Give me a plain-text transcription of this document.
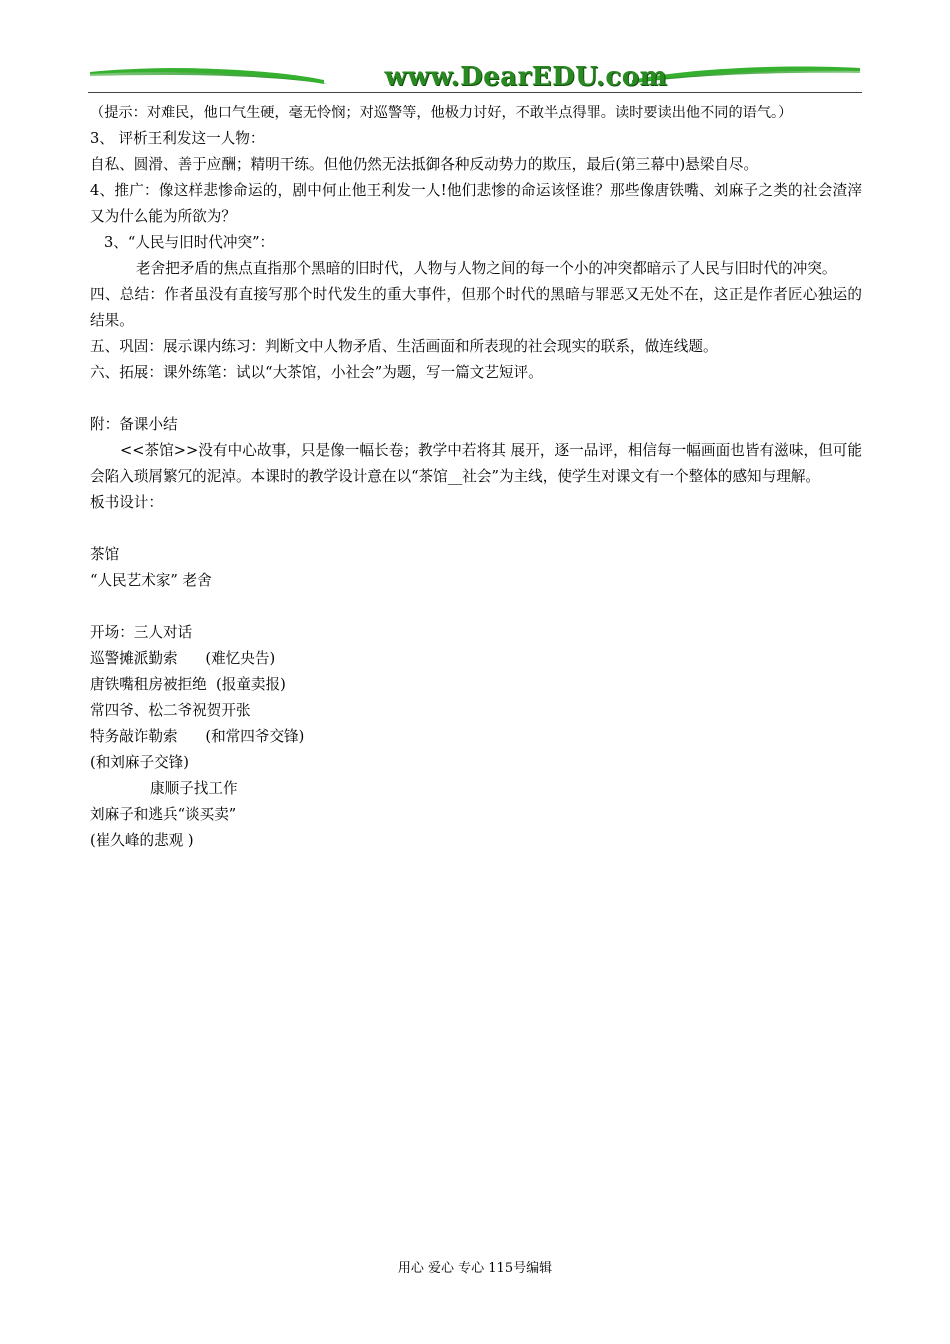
www.DearEDU.com

（提示：对难民，他口气生硬，毫无怜悯；对巡警等，他极力讨好，不敢半点得罪。读时要读出他不同的语气。）

3、 评析王利发这一人物：

自私、圆滑、善于应酬；精明干练。但他仍然无法抵御各种反动势力的欺压，最后(第三幕中)悬梁自尽。

4、推广：像这样悲惨命运的，剧中何止他王利发一人!他们悲惨的命运该怪谁？那些像唐铁嘴、刘麻子之类的社会渣滓又为什么能为所欲为？

3、“人民与旧时代冲突”：

老舍把矛盾的焦点直指那个黑暗的旧时代，人物与人物之间的每一个小的冲突都暗示了人民与旧时代的冲突。

四、总结：作者虽没有直接写那个时代发生的重大事件，但那个时代的黑暗与罪恶又无处不在，这正是作者匠心独运的结果。

五、巩固：展示课内练习：判断文中人物矛盾、生活画面和所表现的社会现实的联系，做连线题。

六、拓展：课外练笔：试以“大茶馆，小社会”为题，写一篇文艺短评。

附：备课小结

<<茶馆>>没有中心故事，只是像一幅长卷；教学中若将其 展开，逐一品评，相信每一幅画面也皆有滋味，但可能会陷入琐屑繁冗的泥淖。本课时的教学设计意在以“茶馆__社会”为主线，使学生对课文有一个整体的感知与理解。

板书设计：

茶馆

“人民艺术家” 老舍

开场：三人对话

巡警摊派勤索      (难忆央告)

唐铁嘴租房被拒绝  (报童卖报)

常四爷、松二爷祝贺开张

特务敲诈勒索      (和常四爷交锋)

(和刘麻子交锋)

康顺子找工作

刘麻子和逃兵“谈买卖”

(崔久峰的悲观 )

用心 爱心 专心 115号编辑
